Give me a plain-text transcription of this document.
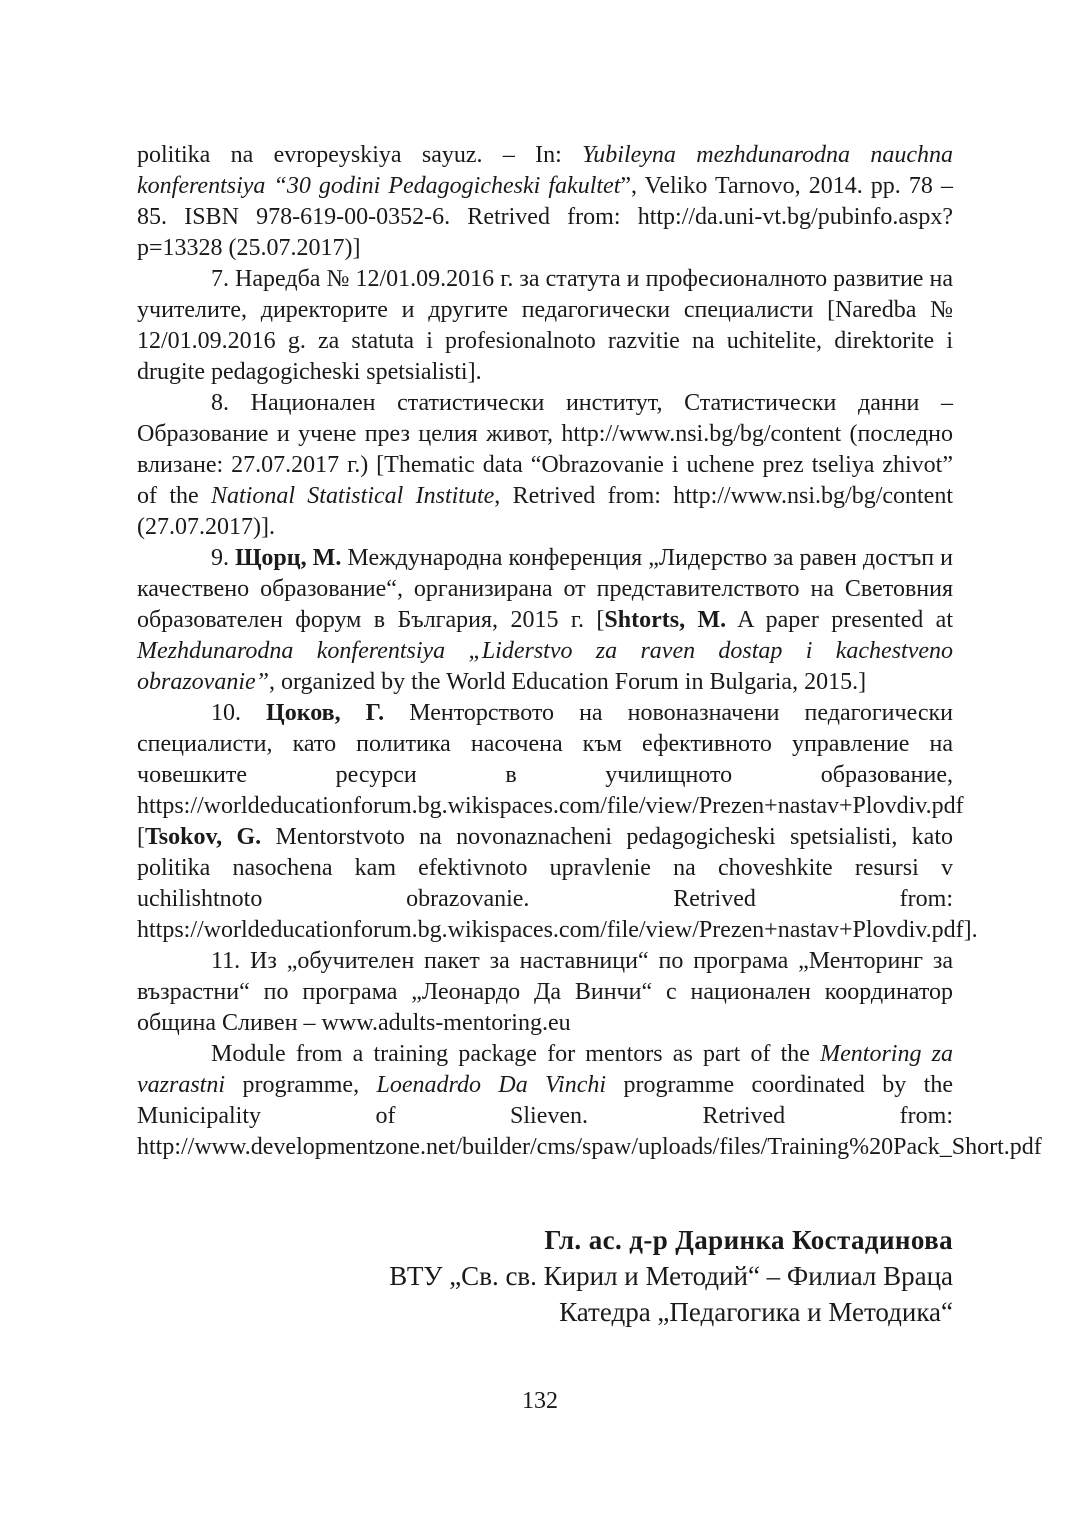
politika na evropeyskiya sayuz. – In: Yubileyna mezhdunarodna nauchna konferentsiya “30 godini Pedagogicheski fakultet”, Veliko Tarnovo, 2014. pp. 78 – 85. ISBN 978-619-00-0352-6. Retrived from: http://da.uni-vt.bg/pubinfo.aspx?p=13328 (25.07.2017)]

7. Наредба № 12/01.09.2016 г. за статута и професионалното развитие на учителите, директорите и другите педагогически специалисти [Naredba № 12/01.09.2016 g. za statuta i profesionalnoto razvitie na uchitelite, direktorite i drugite pedagogicheski spetsialisti].

8. Национален статистически институт, Статистически данни – Образование и учене през целия живот, http://www.nsi.bg/bg/content (последно влизане: 27.07.2017 г.) [Thematic data “Obrazovanie i uchene prez tseliya zhivot” of the National Statistical Institute, Retrived from: http://www.nsi.bg/bg/content (27.07.2017)].

9. Щорц, М. Международна конференция „Лидерство за равен достъп и качествено образование“, организирана от представителството на Световния образователен форум в България, 2015 г. [Shtorts, M. A paper presented at Mezhdunarodna konferentsiya „Liderstvo za raven dostap i kachestveno obrazovanie”, organized by the World Education Forum in Bulgaria, 2015.]

10. Цоков, Г. Менторството на новоназначени педагогически специалисти, като политика насочена към ефективното управление на човешките ресурси в училищното образование, https://worldeducationforum.bg.wikispaces.com/file/view/Prezen+nastav+Plovdiv.pdf [Tsokov, G. Mentorstvoto na novonaznacheni pedagogicheski spetsialisti, kato politika nasochena kam efektivnoto upravlenie na choveshkite resursi v uchilishtnoto obrazovanie. Retrived from: https://worldeducationforum.bg.wikispaces.com/file/view/Prezen+nastav+Plovdiv.pdf].

11. Из „обучителен пакет за наставници“ по програма „Менторинг за възрастни“ по програма „Леонардо Да Винчи“ с национален координатор община Сливен – www.adults-mentoring.eu

Module from a training package for mentors as part of the Mentoring za vazrastni programme, Loenadrdo Da Vinchi programme coordinated by the Municipality of Slieven. Retrived from: http://www.developmentzone.net/builder/cms/spaw/uploads/files/Training%20Pack_Short.pdf

Гл. ас. д-р Даринка Костадинова
ВТУ „Св. св. Кирил и Методий“ – Филиал Враца
Катедра „Педагогика и Методика“
132
